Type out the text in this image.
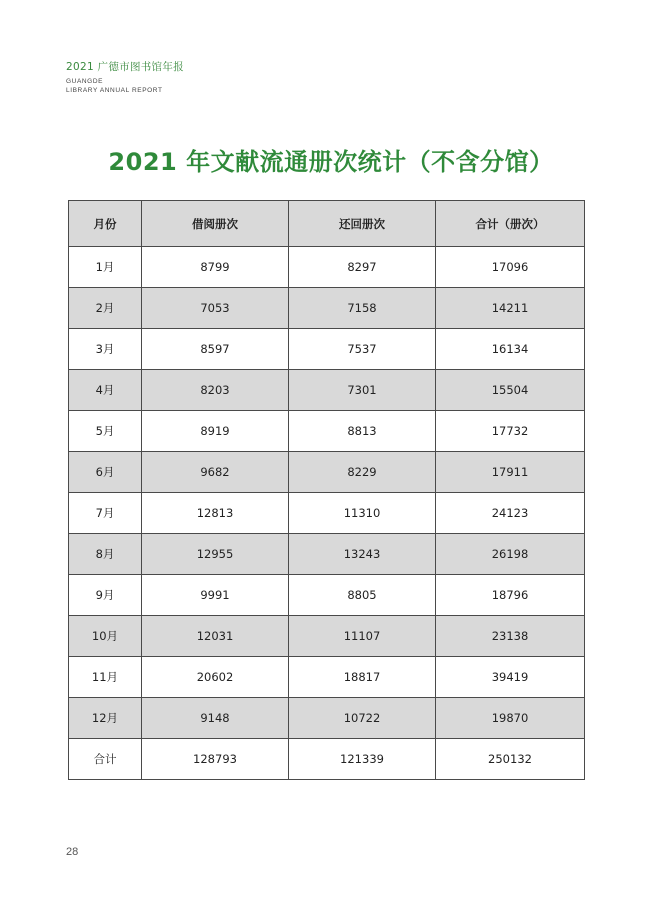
2021 广德市图书馆年报
GUANGDE
LIBRARY ANNUAL REPORT
2021 年文献流通册次统计（不含分馆）
月份	借阅册次	还回册次	合计（册次）
1月	8799	8297	17096
2月	7053	7158	14211
3月	8597	7537	16134
4月	8203	7301	15504
5月	8919	8813	17732
6月	9682	8229	17911
7月	12813	11310	24123
8月	12955	13243	26198
9月	9991	8805	18796
10月	12031	11107	23138
11月	20602	18817	39419
12月	9148	10722	19870
合计	128793	121339	250132
28
